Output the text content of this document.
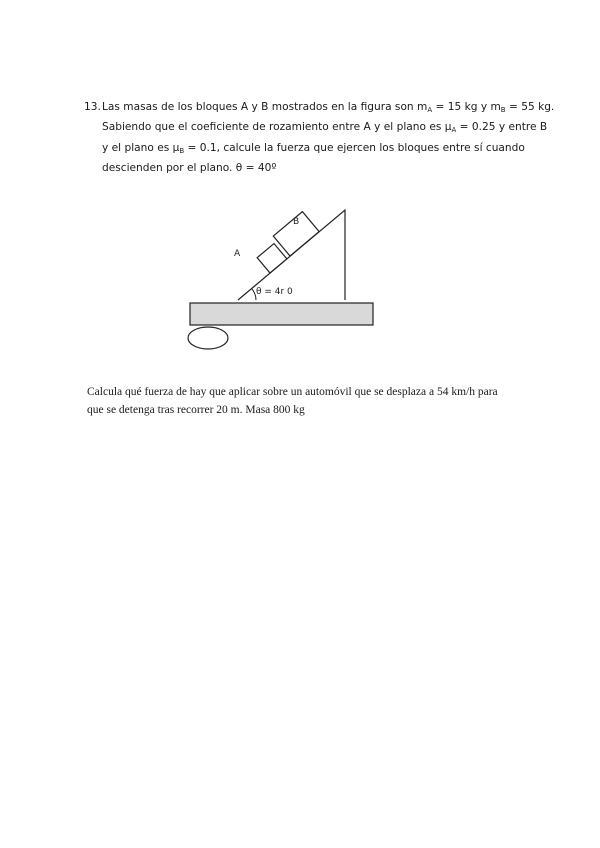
13. Las masas de los bloques A y B mostrados en la figura son $m_A = 15$ kg y $m_B = 55$ kg.
Sabiendo que el coeficiente de rozamiento entre A y el plano es $\mu_A = 0.25$ y entre B
y el plano es $\mu_B = 0.1$, calcule la fuerza que ejercen los bloques entre sí cuando
descienden por el plano. θ = 40º
A
B
θ = 4r 0
Calcula qué fuerza de hay que aplicar sobre un automóvil que se desplaza a 54 km/h para
que se detenga tras recorrer 20 m. Masa 800 kg
